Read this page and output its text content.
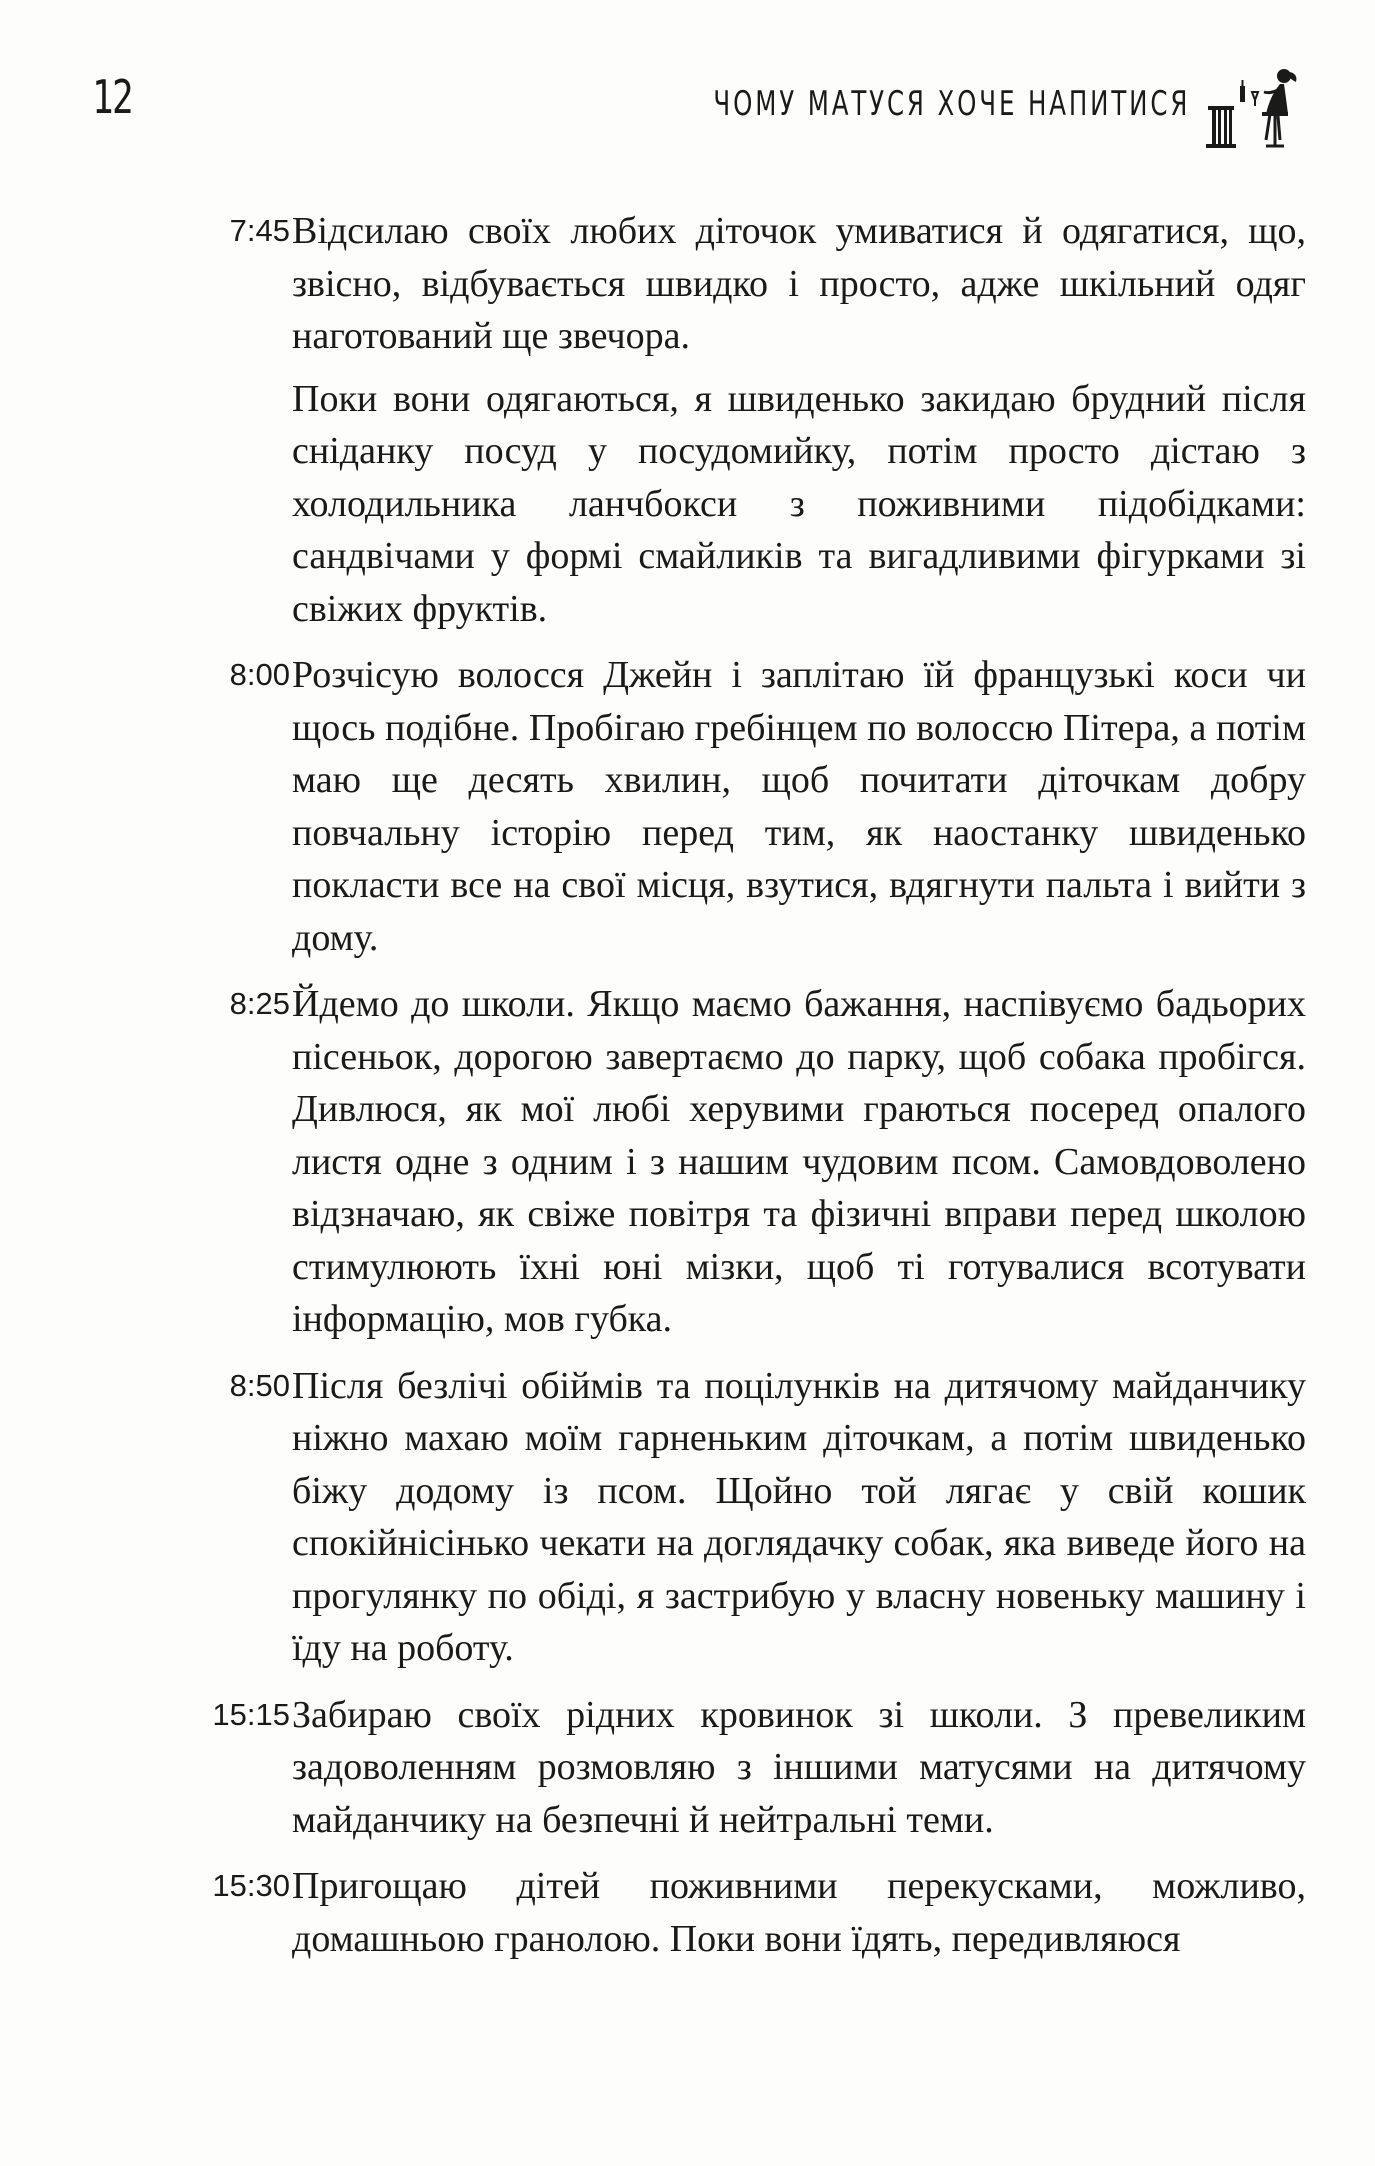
12	ЧОМУ МАТУСЯ ХОЧЕ НАПИТИСЯ
7:45 Відсилаю своїх любих діточок умиватися й одягатися, що, звісно, відбувається швидко і просто, адже шкільний одяг наготований ще звечора.

Поки вони одягаються, я швиденько закидаю брудний після сніданку посуд у посудомийку, потім просто дістаю з холодильника ланчбокси з поживними підобідками: сандвічами у формі смайликів та вигадливими фігурками зі свіжих фруктів.

8:00 Розчісую волосся Джейн і заплітаю їй французькі коси чи щось подібне. Пробігаю гребінцем по волоссю Пітера, а потім маю ще десять хвилин, щоб почитати діточкам добру повчальну історію перед тим, як наостанку швиденько покласти все на свої місця, взутися, вдягнути пальта і вийти з дому.

8:25 Йдемо до школи. Якщо маємо бажання, наспівуємо бадьорих пісеньок, дорогою завертаємо до парку, щоб собака пробігся. Дивлюся, як мої любі херувими граються посеред опалого листя одне з одним і з нашим чудовим псом. Самовдоволено відзначаю, як свіже повітря та фізичні вправи перед школою стимулюють їхні юні мізки, щоб ті готувалися всотувати інформацію, мов губка.

8:50 Після безлічі обіймів та поцілунків на дитячому майданчику ніжно махаю моїм гарненьким діточкам, а потім швиденько біжу додому із псом. Щойно той лягає у свій кошик спокійнісінько чекати на доглядачку собак, яка виведе його на прогулянку по обіді, я застрибую у власну новеньку машину і їду на роботу.

15:15 Забираю своїх рідних кровинок зі школи. З превеликим задоволенням розмовляю з іншими матусями на дитячому майданчику на безпечні й нейтральні теми.

15:30 Пригощаю дітей поживними перекусками, можливо, домашньою гранолою. Поки вони їдять, передивляюся
